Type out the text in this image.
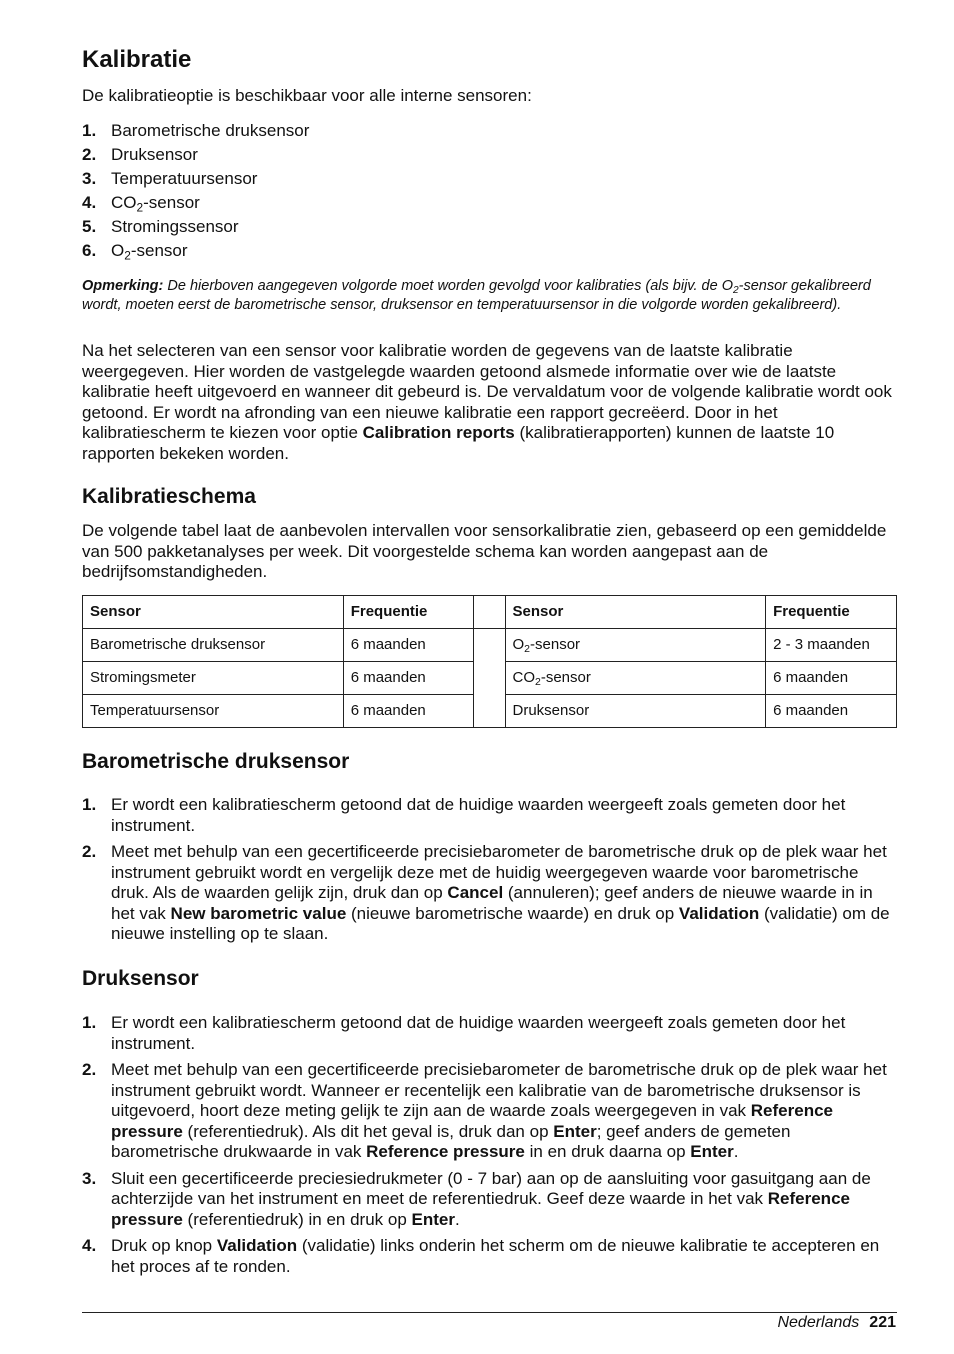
Kalibratie

De kalibratieoptie is beschikbaar voor alle interne sensoren:

1. Barometrische druksensor
2. Druksensor
3. Temperatuursensor
4. $CO_2$-sensor
5. Stromingssensor
6. $O_2$-sensor

Opmerking: De hierboven aangegeven volgorde moet worden gevolgd voor kalibraties (als bijv. de $O_2$-sensor gekalibreerd wordt, moeten eerst de barometrische sensor, druksensor en temperatuursensor in die volgorde worden gekalibreerd).

Na het selecteren van een sensor voor kalibratie worden de gegevens van de laatste kalibratie weergegeven. Hier worden de vastgelegde waarden getoond alsmede informatie over wie de laatste kalibratie heeft uitgevoerd en wanneer dit gebeurd is. De vervaldatum voor de volgende kalibratie wordt ook getoond. Er wordt na afronding van een nieuwe kalibratie een rapport gecreëerd. Door in het kalibratiescherm te kiezen voor optie Calibration reports (kalibratierapporten) kunnen de laatste 10 rapporten bekeken worden.

Kalibratieschema

De volgende tabel laat de aanbevolen intervallen voor sensorkalibratie zien, gebaseerd op een gemiddelde van 500 pakketanalyses per week. Dit voorgestelde schema kan worden aangepast aan de bedrijfsomstandigheden.

Sensor	Frequentie		Sensor	Frequentie
Barometrische druksensor	6 maanden		$O_2$-sensor	2 - 3 maanden
Stromingsmeter	6 maanden		$CO_2$-sensor	6 maanden
Temperatuursensor	6 maanden		Druksensor	6 maanden
Barometrische druksensor
1. Er wordt een kalibratiescherm getoond dat de huidige waarden weergeeft zoals gemeten door het instrument.
2. Meet met behulp van een gecertificeerde precisiebarometer de barometrische druk op de plek waar het instrument gebruikt wordt en vergelijk deze met de huidig weergegeven waarde voor barometrische druk. Als de waarden gelijk zijn, druk dan op Cancel (annuleren); geef anders de nieuwe waarde in in het vak New barometric value (nieuwe barometrische waarde) en druk op Validation (validatie) om de nieuwe instelling op te slaan.
Druksensor
1. Er wordt een kalibratiescherm getoond dat de huidige waarden weergeeft zoals gemeten door het instrument.
2. Meet met behulp van een gecertificeerde precisiebarometer de barometrische druk op de plek waar het instrument gebruikt wordt. Wanneer er recentelijk een kalibratie van de barometrische druksensor is uitgevoerd, hoort deze meting gelijk te zijn aan de waarde zoals weergegeven in vak Reference pressure (referentiedruk). Als dit het geval is, druk dan op Enter; geef anders de gemeten barometrische drukwaarde in vak Reference pressure in en druk daarna op Enter.
3. Sluit een gecertificeerde preciesiedrukmeter (0 - 7 bar) aan op de aansluiting voor gasuitgang aan de achterzijde van het instrument en meet de referentiedruk. Geef deze waarde in het vak Reference pressure (referentiedruk) in en druk op Enter.
4. Druk op knop Validation (validatie) links onderin het scherm om de nieuwe kalibratie te accepteren en het proces af te ronden.
Nederlands 221
